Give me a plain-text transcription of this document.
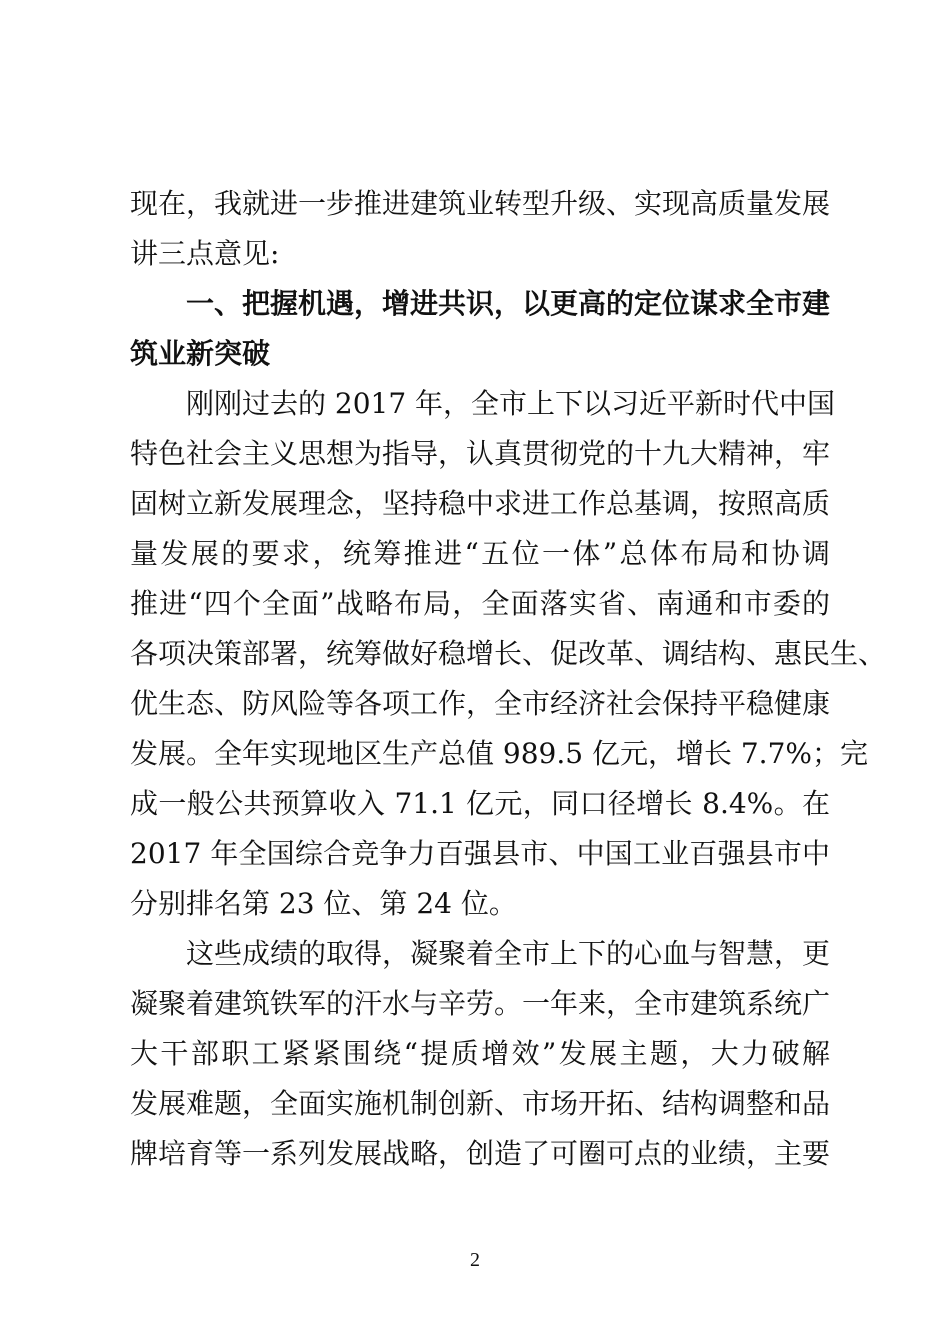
现在，我就进一步推进建筑业转型升级、实现高质量发展
讲三点意见:
一、把握机遇，增进共识，以更高的定位谋求全市建
筑业新突破
刚刚过去的 2017 年，全市上下以习近平新时代中国
特色社会主义思想为指导，认真贯彻党的十九大精神，牢
固树立新发展理念，坚持稳中求进工作总基调，按照高质
量发展的要求，统筹推进“五位一体”总体布局和协调
推进“四个全面”战略布局，全面落实省、南通和市委的
各项决策部署，统筹做好稳增长、促改革、调结构、惠民生、
优生态、防风险等各项工作，全市经济社会保持平稳健康
发展。全年实现地区生产总值 989.5 亿元，增长 7.7%；完
成一般公共预算收入 71.1 亿元，同口径增长 8.4%。在
2017 年全国综合竞争力百强县市、中国工业百强县市中
分别排名第 23 位、第 24 位。
这些成绩的取得，凝聚着全市上下的心血与智慧，更
凝聚着建筑铁军的汗水与辛劳。一年来，全市建筑系统广
大干部职工紧紧围绕“提质增效”发展主题，大力破解
发展难题，全面实施机制创新、市场开拓、结构调整和品
牌培育等一系列发展战略，创造了可圈可点的业绩，主要
2
